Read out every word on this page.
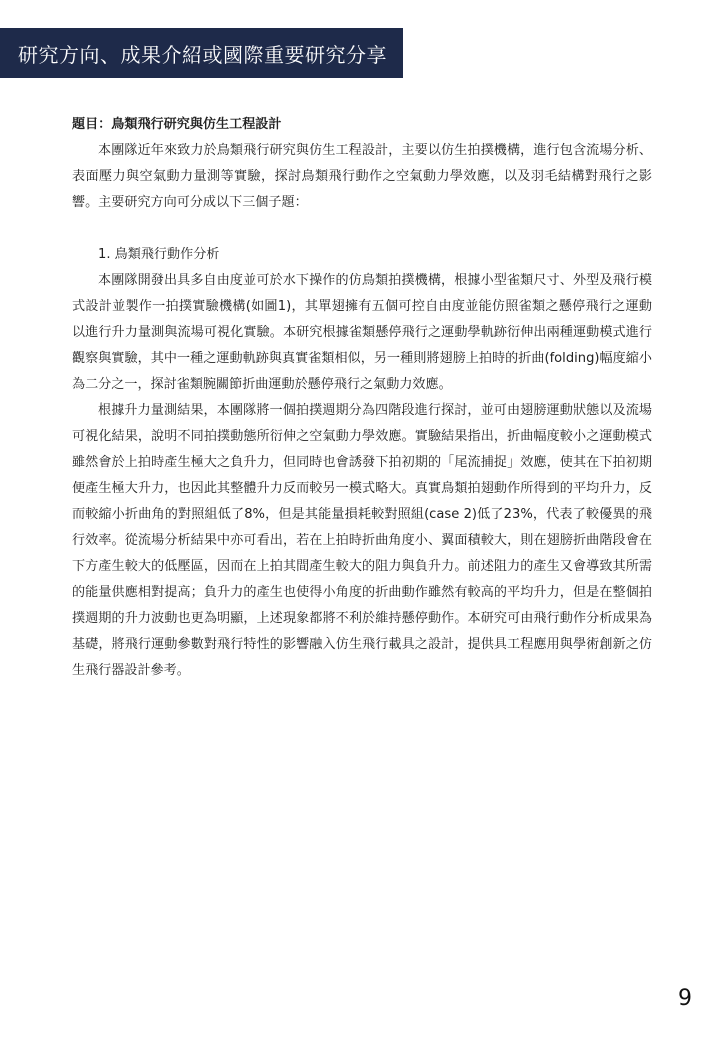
研究方向、成果介紹或國際重要研究分享

題目：鳥類飛行研究與仿生工程設計

本團隊近年來致力於鳥類飛行研究與仿生工程設計，主要以仿生拍撲機構，進行包含流場分析、表面壓力與空氣動力量測等實驗，探討鳥類飛行動作之空氣動力學效應，以及羽毛結構對飛行之影響。主要研究方向可分成以下三個子題：

1. 鳥類飛行動作分析

本團隊開發出具多自由度並可於水下操作的仿鳥類拍撲機構，根據小型雀類尺寸、外型及飛行模式設計並製作一拍撲實驗機構(如圖1)，其單翅擁有五個可控自由度並能仿照雀類之懸停飛行之運動以進行升力量測與流場可視化實驗。本研究根據雀類懸停飛行之運動學軌跡衍伸出兩種運動模式進行觀察與實驗，其中一種之運動軌跡與真實雀類相似，另一種則將翅膀上拍時的折曲(folding)幅度縮小為二分之一，探討雀類腕關節折曲運動於懸停飛行之氣動力效應。

根據升力量測結果，本團隊將一個拍撲週期分為四階段進行探討，並可由翅膀運動狀態以及流場可視化結果，說明不同拍撲動態所衍伸之空氣動力學效應。實驗結果指出，折曲幅度較小之運動模式雖然會於上拍時產生極大之負升力，但同時也會誘發下拍初期的「尾流捕捉」效應，使其在下拍初期便產生極大升力，也因此其整體升力反而較另一模式略大。真實鳥類拍翅動作所得到的平均升力，反而較縮小折曲角的對照組低了8%，但是其能量損耗較對照組(case 2)低了23%，代表了較優異的飛行效率。從流場分析結果中亦可看出，若在上拍時折曲角度小、翼面積較大，則在翅膀折曲階段會在下方產生較大的低壓區，因而在上拍其間產生較大的阻力與負升力。前述阻力的產生又會導致其所需的能量供應相對提高；負升力的產生也使得小角度的折曲動作雖然有較高的平均升力，但是在整個拍撲週期的升力波動也更為明顯，上述現象都將不利於維持懸停動作。本研究可由飛行動作分析成果為基礎，將飛行運動參數對飛行特性的影響融入仿生飛行載具之設計，提供具工程應用與學術創新之仿生飛行器設計參考。

9
